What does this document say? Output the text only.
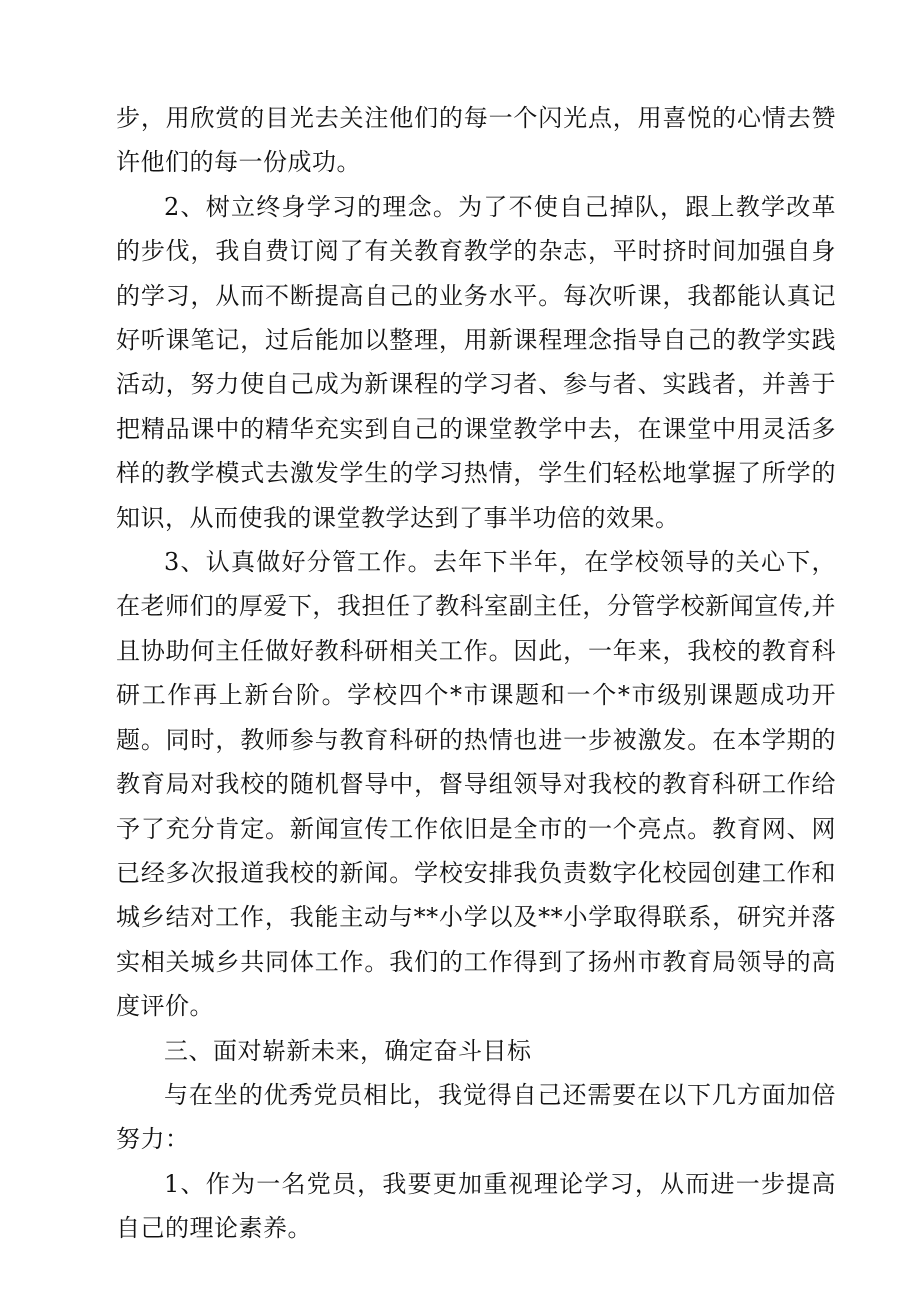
步，用欣赏的目光去关注他们的每一个闪光点，用喜悦的心情去赞许他们的每一份成功。

2、树立终身学习的理念。为了不使自己掉队，跟上教学改革的步伐，我自费订阅了有关教育教学的杂志，平时挤时间加强自身的学习，从而不断提高自己的业务水平。每次听课，我都能认真记好听课笔记，过后能加以整理，用新课程理念指导自己的教学实践活动，努力使自己成为新课程的学习者、参与者、实践者，并善于把精品课中的精华充实到自己的课堂教学中去，在课堂中用灵活多样的教学模式去激发学生的学习热情，学生们轻松地掌握了所学的知识，从而使我的课堂教学达到了事半功倍的效果。

3、认真做好分管工作。去年下半年，在学校领导的关心下，在老师们的厚爱下，我担任了教科室副主任，分管学校新闻宣传,并且协助何主任做好教科研相关工作。因此，一年来，我校的教育科研工作再上新台阶。学校四个*市课题和一个*市级别课题成功开题。同时，教师参与教育科研的热情也进一步被激发。在本学期的教育局对我校的随机督导中，督导组领导对我校的教育科研工作给予了充分肯定。新闻宣传工作依旧是全市的一个亮点。教育网、网已经多次报道我校的新闻。学校安排我负责数字化校园创建工作和城乡结对工作，我能主动与**小学以及**小学取得联系，研究并落实相关城乡共同体工作。我们的工作得到了扬州市教育局领导的高度评价。

三、面对崭新未来，确定奋斗目标

与在坐的优秀党员相比，我觉得自己还需要在以下几方面加倍努力：

1、作为一名党员，我要更加重视理论学习，从而进一步提高自己的理论素养。
